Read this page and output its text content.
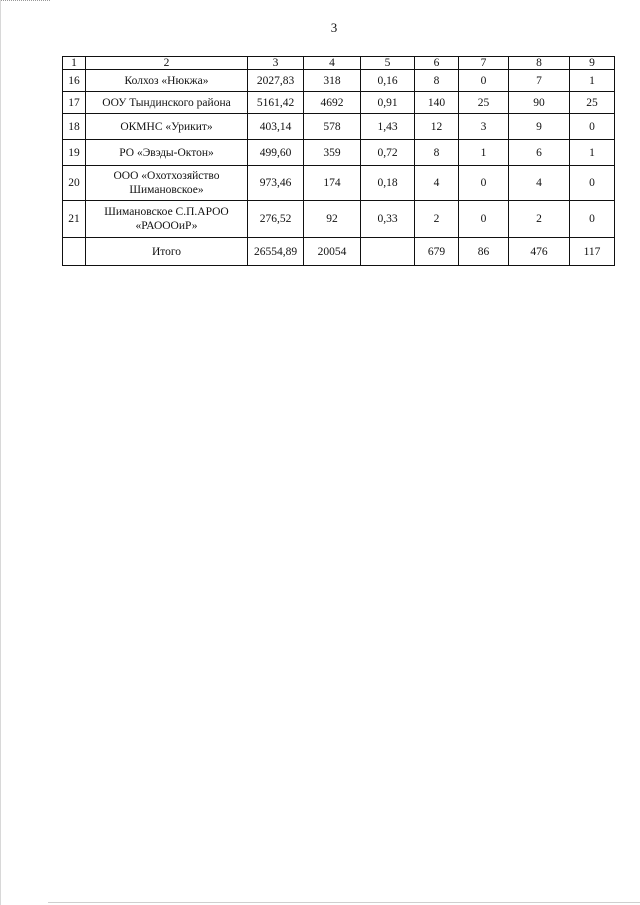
3
1	2	3	4	5	6	7	8	9
16	Колхоз «Нюкжа»	2027,83	318	0,16	8	0	7	1
17	ООУ Тындинского района	5161,42	4692	0,91	140	25	90	25
18	ОКМНС «Урикит»	403,14	578	1,43	12	3	9	0
19	РО «Эвэды-Октон»	499,60	359	0,72	8	1	6	1
20	ООО «Охотхозяйство Шимановское»	973,46	174	0,18	4	0	4	0
21	Шимановское С.П.АРОО «РАОООиР»	276,52	92	0,33	2	0	2	0
	Итого	26554,89	20054		679	86	476	117
